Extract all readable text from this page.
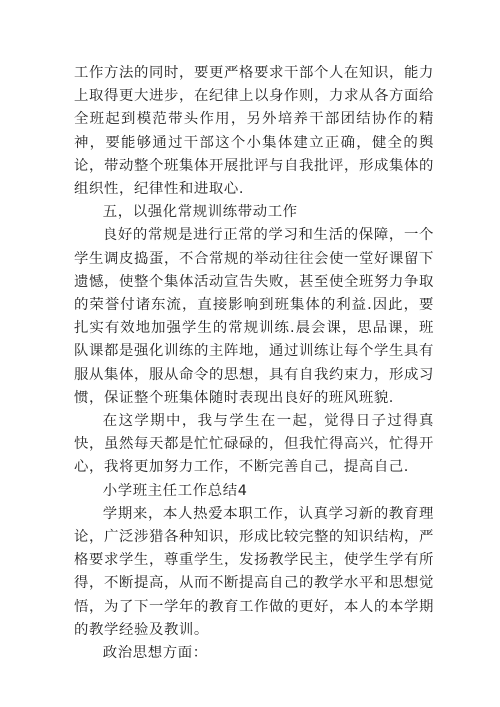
工作方法的同时，要更严格要求干部个人在知识，能力上取得更大进步，在纪律上以身作则，力求从各方面给全班起到模范带头作用，另外培养干部团结协作的精神，要能够通过干部这个小集体建立正确，健全的舆论，带动整个班集体开展批评与自我批评，形成集体的组织性，纪律性和进取心.

五，以强化常规训练带动工作

良好的常规是进行正常的学习和生活的保障，一个学生调皮捣蛋，不合常规的举动往往会使一堂好课留下遗憾，使整个集体活动宣告失败，甚至使全班努力争取的荣誉付诸东流，直接影响到班集体的利益.因此，要扎实有效地加强学生的常规训练.晨会课，思品课，班队课都是强化训练的主阵地，通过训练让每个学生具有服从集体，服从命令的思想，具有自我约束力，形成习惯，保证整个班集体随时表现出良好的班风班貌.

在这学期中，我与学生在一起，觉得日子过得真快，虽然每天都是忙忙碌碌的，但我忙得高兴，忙得开心，我将更加努力工作，不断完善自己，提高自己.

小学班主任工作总结4

学期来，本人热爱本职工作，认真学习新的教育理论，广泛涉猎各种知识，形成比较完整的知识结构，严格要求学生，尊重学生，发扬教学民主，使学生学有所得，不断提高，从而不断提高自己的教学水平和思想觉悟，为了下一学年的教育工作做的更好，本人的本学期的教学经验及教训。

政治思想方面：
